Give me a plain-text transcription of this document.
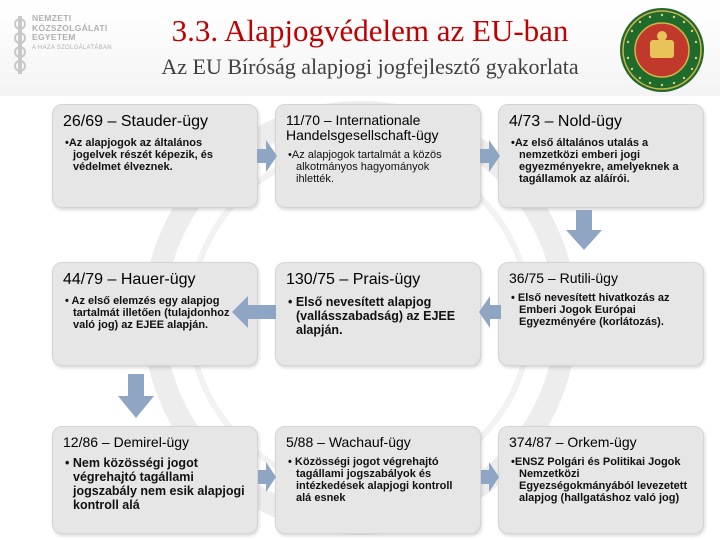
NEMZETI
KÖZSZOLGÁLATI
EGYETEM
A HAZA SZOLGÁLATÁBAN	3.3. Alapjogvédelem az EU-ban
Az EU Bíróság alapjogi jogfejlesztő gyakorlata
26/69 – Stauder-ügy

•Az alapjogok az általános jogelvek részét képezik, és védelmet élveznek.

11/70 – Internationale Handelsgesellschaft-ügy

•Az alapjogok tartalmát a közös alkotmányos hagyományok ihlették.

4/73 – Nold-ügy

•Az első általános utalás a nemzetközi emberi jogi egyezményekre, amelyeknek a tagállamok az aláírói.

44/79 – Hauer-ügy

• Az első elemzés egy alapjog tartalmát illetően (tulajdonhoz való jog) az EJEE alapján.

130/75 – Prais-ügy

• Első nevesített alapjog (vallásszabadság) az EJEE alapján.

36/75 – Rutili-ügy

• Első nevesített hivatkozás az Emberi Jogok Európai Egyezményére (korlátozás).

12/86 – Demirel-ügy

• Nem közösségi jogot végrehajtó tagállami jogszabály nem esik alapjogi kontroll alá

5/88 – Wachauf-ügy

• Közösségi jogot végrehajtó tagállami jogszabályok és intézkedések alapjogi kontroll alá esnek

374/87 – Orkem-ügy

•ENSZ Polgári és Politikai Jogok Nemzetközi Egyezségokmányából levezetett alapjog (hallgatáshoz való jog)
